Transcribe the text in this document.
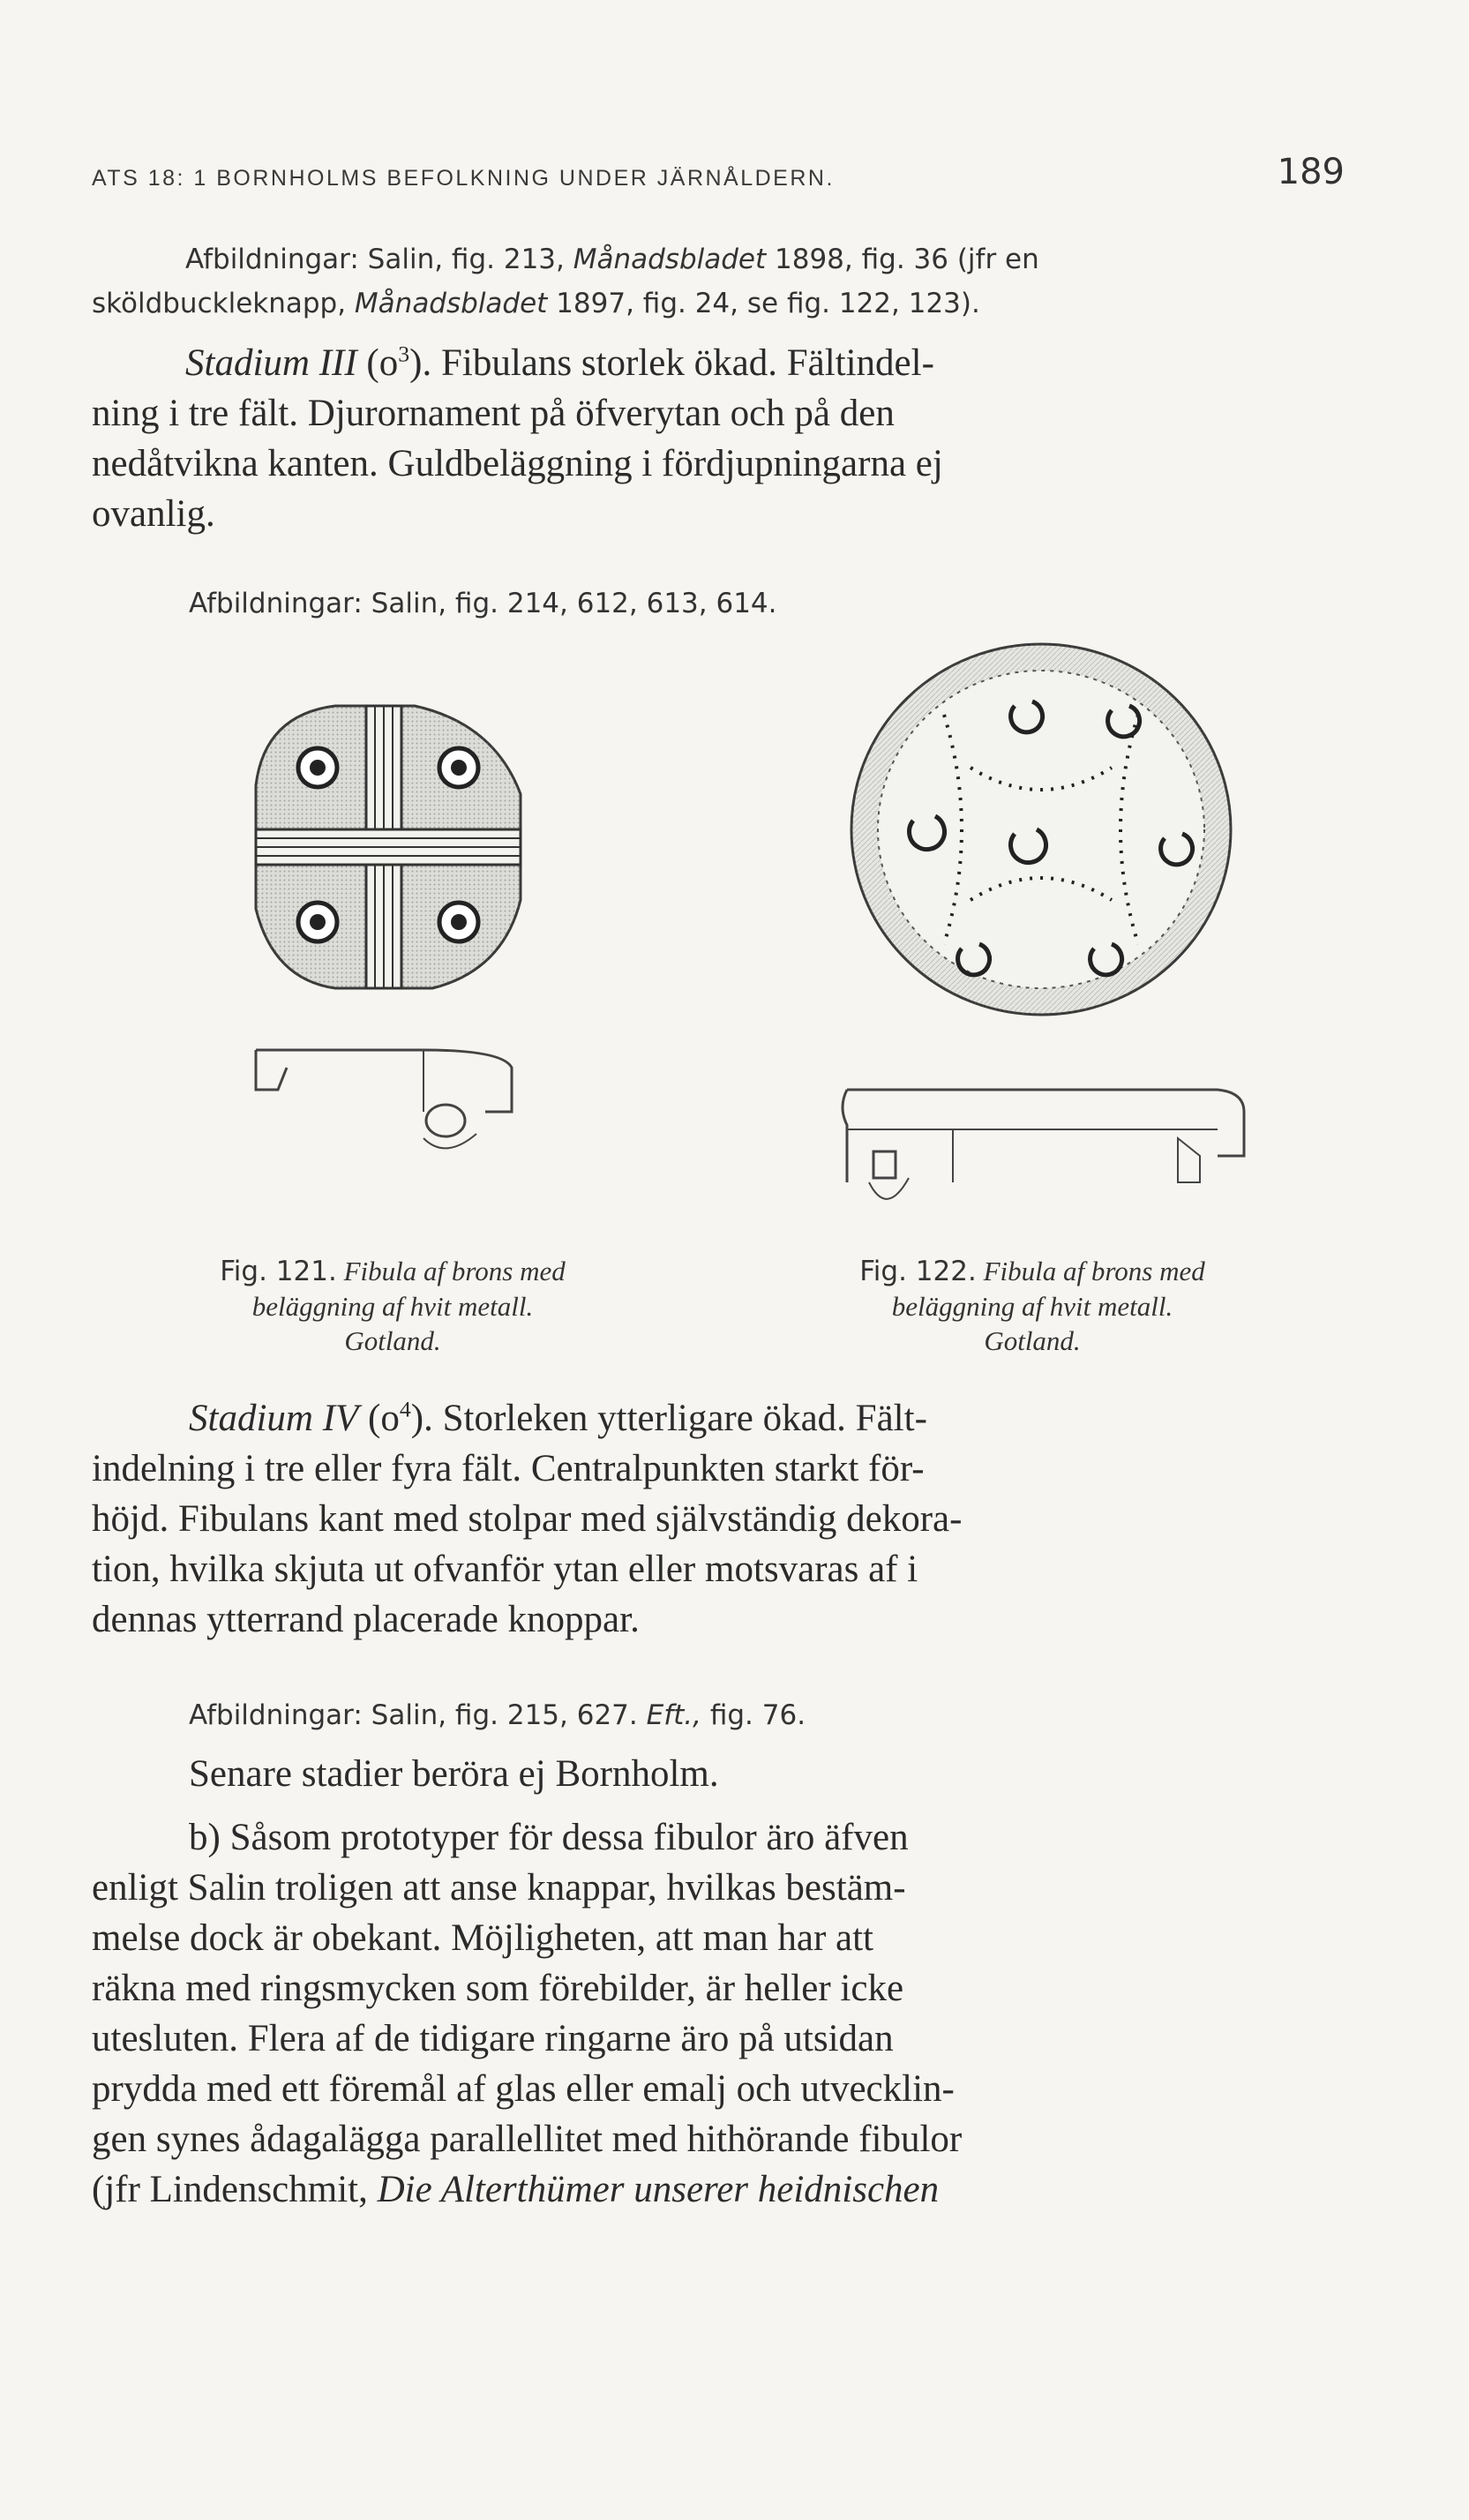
ATS 18: 1 BORNHOLMS BEFOLKNING UNDER JÄRNÅLDERN.	189
Afbildningar: Salin, fig. 213, Månadsbladet 1898, fig. 36 (jfr en
sköldbuckleknapp, Månadsbladet 1897, fig. 24, se fig. 122, 123).
Stadium III $(o^3)$. Fibulans storlek ökad. Fältindel-
ning i tre fält. Djurornament på öfverytan och på den
nedåtvikna kanten. Guldbeläggning i fördjupningarna ej
ovanlig.
Afbildningar: Salin, fig. 214, 612, 613, 614.
Fig. 121. Fibula af brons med
beläggning af hvit metall.
Gotland.
Fig. 122. Fibula af brons med
beläggning af hvit metall.
Gotland.
Stadium IV $(o^4)$. Storleken ytterligare ökad. Fält-
indelning i tre eller fyra fält. Centralpunkten starkt för-
höjd. Fibulans kant med stolpar med självständig dekora-
tion, hvilka skjuta ut ofvanför ytan eller motsvaras af i
dennas ytterrand placerade knoppar.
Afbildningar: Salin, fig. 215, 627. Eft., fig. 76.
Senare stadier beröra ej Bornholm.
b) Såsom prototyper för dessa fibulor äro äfven
enligt Salin troligen att anse knappar, hvilkas bestäm-
melse dock är obekant. Möjligheten, att man har att
räkna med ringsmycken som förebilder, är heller icke
utesluten. Flera af de tidigare ringarne äro på utsidan
prydda med ett föremål af glas eller emalj och utvecklin-
gen synes ådagalägga parallellitet med hithörande fibulor
(jfr Lindenschmit, Die Alterthümer unserer heidnischen
